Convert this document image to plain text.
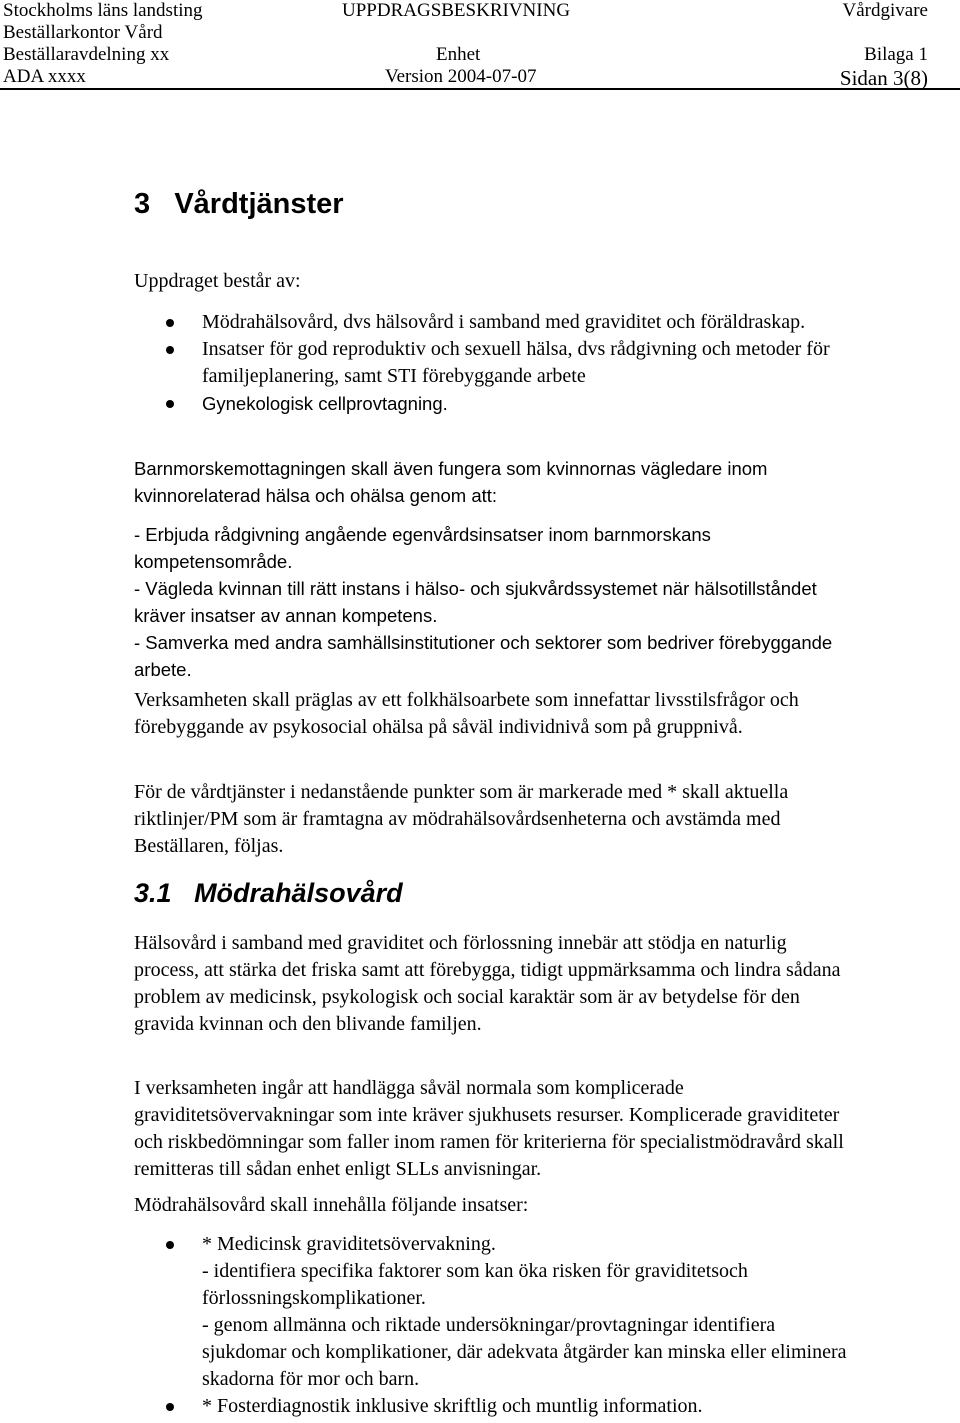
Stockholms läns landsting	UPPDRAGSBESKRIVNING	Vårdgivare
Beställarkontor Vård
Beställaravdelning xx	Enhet	Bilaga 1
ADA xxxx	Version 2004-07-07	Sidan 3(8)
3 Vårdtjänster
Uppdraget består av:
Mödrahälsovård, dvs hälsovård i samband med graviditet och föräldraskap.
Insatser för god reproduktiv och sexuell hälsa, dvs rådgivning och metoder för familjeplanering, samt STI förebyggande arbete
Gynekologisk cellprovtagning.
Barnmorskemottagningen skall även fungera som kvinnornas vägledare inom kvinnorelaterad hälsa och ohälsa genom att:

- Erbjuda rådgivning angående egenvårdsinsatser inom barnmorskans kompetensområde.

- Vägleda kvinnan till rätt instans i hälso- och sjukvårdssystemet när hälsotillståndet kräver insatser av annan kompetens.

- Samverka med andra samhällsinstitutioner och sektorer som bedriver förebyggande arbete.

Verksamheten skall präglas av ett folkhälsoarbete som innefattar livsstilsfrågor och förebyggande av psykosocial ohälsa på såväl individnivå som på gruppnivå.
För de vårdtjänster i nedanstående punkter som är markerade med * skall aktuella riktlinjer/PM som är framtagna av mödrahälsovårdsenheterna och avstämda med Beställaren, följas.
3.1 Mödrahälsovård
Hälsovård i samband med graviditet och förlossning innebär att stödja en naturlig process, att stärka det friska samt att förebygga, tidigt uppmärksamma och lindra sådana problem av medicinsk, psykologisk och social karaktär som är av betydelse för den gravida kvinnan och den blivande familjen.
I verksamheten ingår att handlägga såväl normala som komplicerade graviditetsövervakningar som inte kräver sjukhusets resurser. Komplicerade graviditeter och riskbedömningar som faller inom ramen för kriterierna för specialistmödravård skall remitteras till sådan enhet enligt SLLs anvisningar.
Mödrahälsovård skall innehålla följande insatser:

* Medicinsk graviditetsövervakning.

- identifiera specifika faktorer som kan öka risken för graviditetsoch förlossningskomplikationer.

- genom allmänna och riktade undersökningar/provtagningar identifiera sjukdomar och komplikationer, där adekvata åtgärder kan minska eller eliminera skadorna för mor och barn.

* Fosterdiagnostik inklusive skriftlig och muntlig information.
